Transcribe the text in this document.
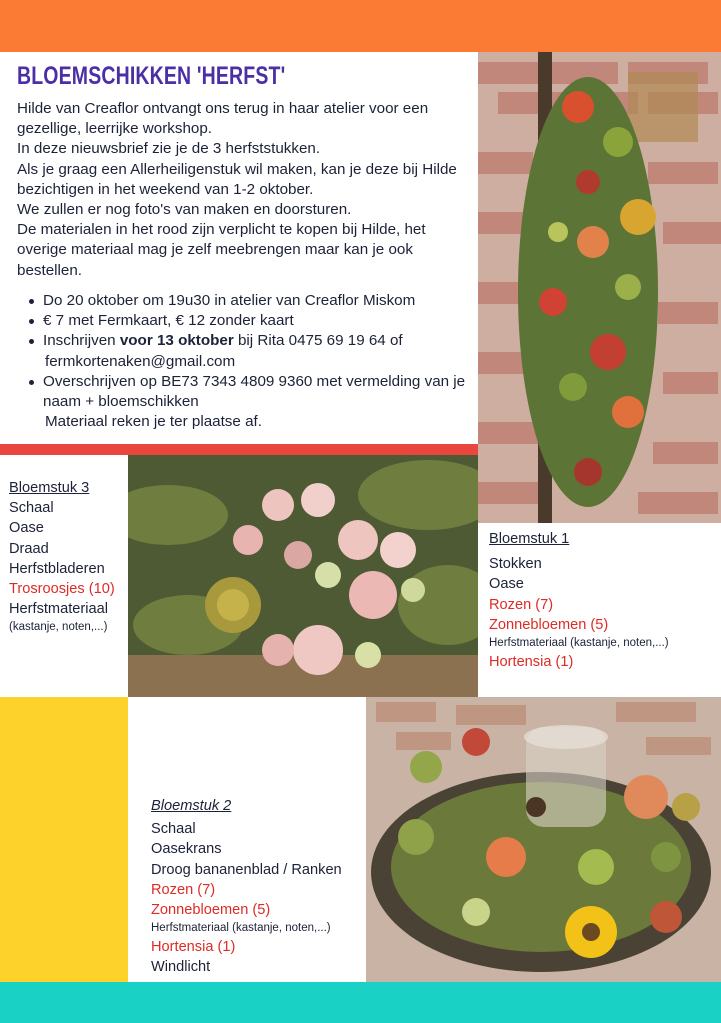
BLOEMSCHIKKEN 'HERFST'

Hilde van Creaflor ontvangt ons terug in haar atelier voor een gezellige, leerrijke workshop.

In deze nieuwsbrief zie je de 3 herfststukken.

Als je graag een Allerheiligenstuk wil maken, kan je deze bij Hilde bezichtigen in het weekend van 1-2 oktober.

We zullen er nog foto's van maken en doorsturen.

De materialen in het rood zijn verplicht te kopen bij Hilde, het overige materiaal mag je zelf meebrengen maar kan je ook bestellen.

Do 20 oktober om 19u30 in atelier van Creaflor Miskom
€ 7 met Fermkaart, € 12 zonder kaart
Inschrijven voor 13 oktober bij Rita 0475 69 19 64 of
fermkortenaken@gmail.com
Overschrijven op BE73 7343 4809 9360 met vermelding van je naam + bloemschikken
Materiaal reken je ter plaatse af.
Bloemstuk 3
Schaal
Oase
Draad
Herfstbladeren
Trosroosjes (10)
Herfstmateriaal
(kastanje, noten,...)
Bloemstuk 1
Stokken
Oase
Rozen (7)
Zonnebloemen (5)
Herfstmateriaal (kastanje, noten,...)
Hortensia (1)
Bloemstuk 2
Schaal
Oasekrans
Droog bananenblad / Ranken
Rozen (7)
Zonnebloemen (5)
Herfstmateriaal (kastanje, noten,...)
Hortensia (1)
Windlicht
